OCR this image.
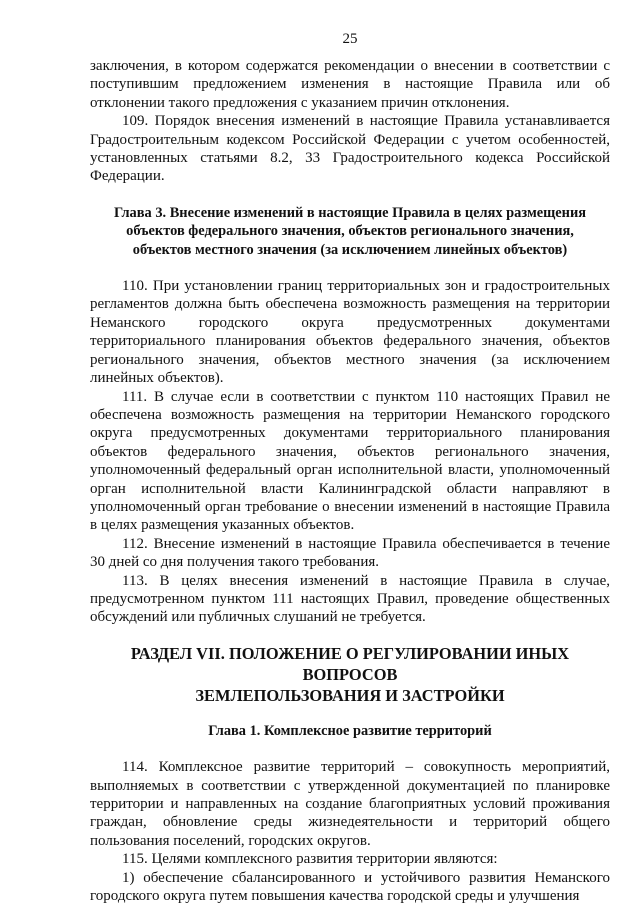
25

заключения, в котором содержатся рекомендации о внесении в соответствии с поступившим предложением изменения в настоящие Правила или об отклонении такого предложения с указанием причин отклонения.

109. Порядок внесения изменений в настоящие Правила устанавливается Градостроительным кодексом Российской Федерации с учетом особенностей, установленных статьями 8.2, 33 Градостроительного кодекса Российской Федерации.

Глава 3. Внесение изменений в настоящие Правила в целях размещения
объектов федерального значения, объектов регионального значения,
объектов местного значения (за исключением линейных объектов)

110. При установлении границ территориальных зон и градостроительных регламентов должна быть обеспечена возможность размещения на территории Неманского городского округа предусмотренных документами территориального планирования объектов федерального значения, объектов регионального значения, объектов местного значения (за исключением линейных объектов).

111. В случае если в соответствии с пунктом 110 настоящих Правил не обеспечена возможность размещения на территории Неманского городского округа предусмотренных документами территориального планирования объектов федерального значения, объектов регионального значения, уполномоченный федеральный орган исполнительной власти, уполномоченный орган исполнительной власти Калининградской области направляют в уполномоченный орган требование о внесении изменений в настоящие Правила в целях размещения указанных объектов.

112. Внесение изменений в настоящие Правила обеспечивается в течение 30 дней со дня получения такого требования.

113. В целях внесения изменений в настоящие Правила в случае, предусмотренном пунктом 111 настоящих Правил, проведение общественных обсуждений или публичных слушаний не требуется.

РАЗДЕЛ VII. ПОЛОЖЕНИЕ О РЕГУЛИРОВАНИИ ИНЫХ ВОПРОСОВ
ЗЕМЛЕПОЛЬЗОВАНИЯ И ЗАСТРОЙКИ
Глава 1. Комплексное развитие территорий

114. Комплексное развитие территорий – совокупность мероприятий, выполняемых в соответствии с утвержденной документацией по планировке территории и направленных на создание благоприятных условий проживания граждан, обновление среды жизнедеятельности и территорий общего пользования поселений, городских округов.

115. Целями комплексного развития территории являются:

1) обеспечение сбалансированного и устойчивого развития Неманского городского округа путем повышения качества городской среды и улучшения
